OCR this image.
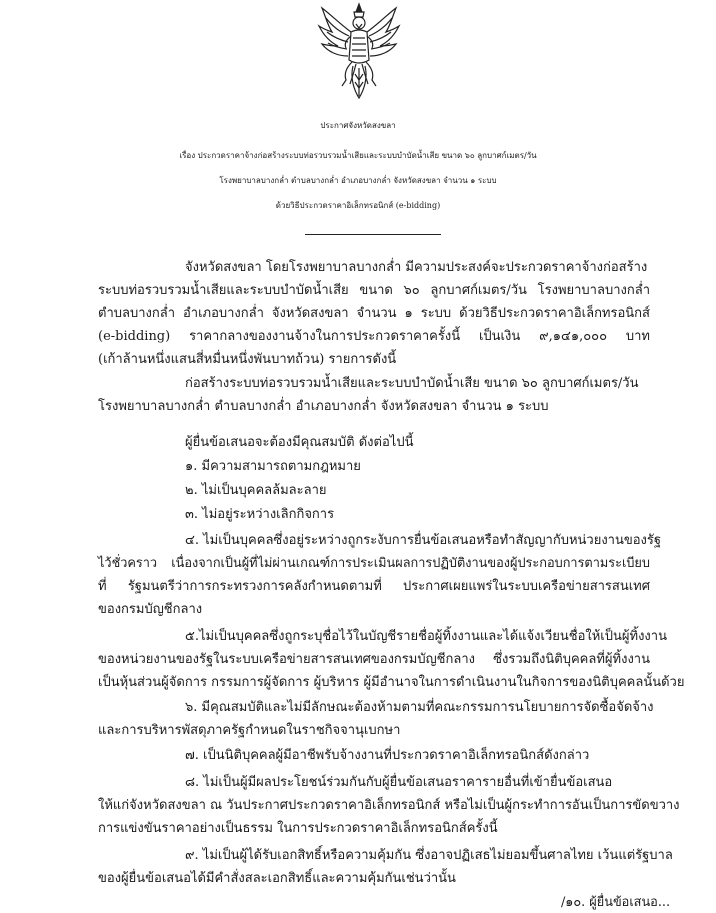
ประกาศจังหวัดสงขลา
เรื่อง ประกวดราคาจ้างก่อสร้างระบบท่อรวบรวมน้ำเสียและระบบบำบัดน้ำเสีย ขนาด ๖๐ ลูกบาศก์เมตร/วัน
โรงพยาบาลบางกล่ำ ตำบลบางกล่ำ อำเภอบางกล่ำ จังหวัดสงขลา จำนวน ๑ ระบบ
ด้วยวิธีประกวดราคาอิเล็กทรอนิกส์ (e-bidding)
จังหวัดสงขลา โดยโรงพยาบาลบางกล่ำ มีความประสงค์จะประกวดราคาจ้างก่อสร้าง
ระบบท่อรวบรวมน้ำเสียและระบบบำบัดน้ำเสีย ขนาด ๖๐ ลูกบาศก์เมตร/วัน โรงพยาบาลบางกล่ำ
ตำบลบางกล่ำ อำเภอบางกล่ำ จังหวัดสงขลา จำนวน ๑ ระบบ ด้วยวิธีประกวดราคาอิเล็กทรอนิกส์
(e-bidding) ราคากลางของงานจ้างในการประกวดราคาครั้งนี้ เป็นเงิน ๙,๑๔๑,๐๐๐ บาท
(เก้าล้านหนึ่งแสนสี่หมื่นหนึ่งพันบาทถ้วน) รายการดังนี้
ก่อสร้างระบบท่อรวบรวมน้ำเสียและระบบบำบัดน้ำเสีย ขนาด ๖๐ ลูกบาศก์เมตร/วัน
โรงพยาบาลบางกล่ำ ตำบลบางกล่ำ อำเภอบางกล่ำ จังหวัดสงขลา จำนวน ๑ ระบบ
ผู้ยื่นข้อเสนอจะต้องมีคุณสมบัติ ดังต่อไปนี้
๑. มีความสามารถตามกฎหมาย
๒. ไม่เป็นบุคคลล้มละลาย
๓. ไม่อยู่ระหว่างเลิกกิจการ
๔. ไม่เป็นบุคคลซึ่งอยู่ระหว่างถูกระงับการยื่นข้อเสนอหรือทำสัญญากับหน่วยงานของรัฐ
ไว้ชั่วคราว เนื่องจากเป็นผู้ที่ไม่ผ่านเกณฑ์การประเมินผลการปฏิบัติงานของผู้ประกอบการตามระเบียบ
ที่ รัฐมนตรีว่าการกระทรวงการคลังกำหนดตามที่ ประกาศเผยแพร่ในระบบเครือข่ายสารสนเทศ
ของกรมบัญชีกลาง
๕.ไม่เป็นบุคคลซึ่งถูกระบุชื่อไว้ในบัญชีรายชื่อผู้ทิ้งงานและได้แจ้งเวียนชื่อให้เป็นผู้ทิ้งงาน
ของหน่วยงานของรัฐในระบบเครือข่ายสารสนเทศของกรมบัญชีกลาง ซึ่งรวมถึงนิติบุคคลที่ผู้ทิ้งงาน
เป็นหุ้นส่วนผู้จัดการ กรรมการผู้จัดการ ผู้บริหาร ผู้มีอำนาจในการดำเนินงานในกิจการของนิติบุคคลนั้นด้วย
๖. มีคุณสมบัติและไม่มีลักษณะต้องห้ามตามที่คณะกรรมการนโยบายการจัดซื้อจัดจ้าง
และการบริหารพัสดุภาครัฐกำหนดในราชกิจจานุเบกษา
๗. เป็นนิติบุคคลผู้มีอาชีพรับจ้างงานที่ประกวดราคาอิเล็กทรอนิกส์ดังกล่าว
๘. ไม่เป็นผู้มีผลประโยชน์ร่วมกันกับผู้ยื่นข้อเสนอราคารายอื่นที่เข้ายื่นข้อเสนอ
ให้แก่จังหวัดสงขลา ณ วันประกาศประกวดราคาอิเล็กทรอนิกส์ หรือไม่เป็นผู้กระทำการอันเป็นการขัดขวาง
การแข่งขันราคาอย่างเป็นธรรม ในการประกวดราคาอิเล็กทรอนิกส์ครั้งนี้
๙. ไม่เป็นผู้ได้รับเอกสิทธิ์หรือความคุ้มกัน ซึ่งอาจปฏิเสธไม่ยอมขึ้นศาลไทย เว้นแต่รัฐบาล
ของผู้ยื่นข้อเสนอได้มีคำสั่งสละเอกสิทธิ์และความคุ้มกันเช่นว่านั้น
/๑๐. ผู้ยื่นข้อเสนอ...
